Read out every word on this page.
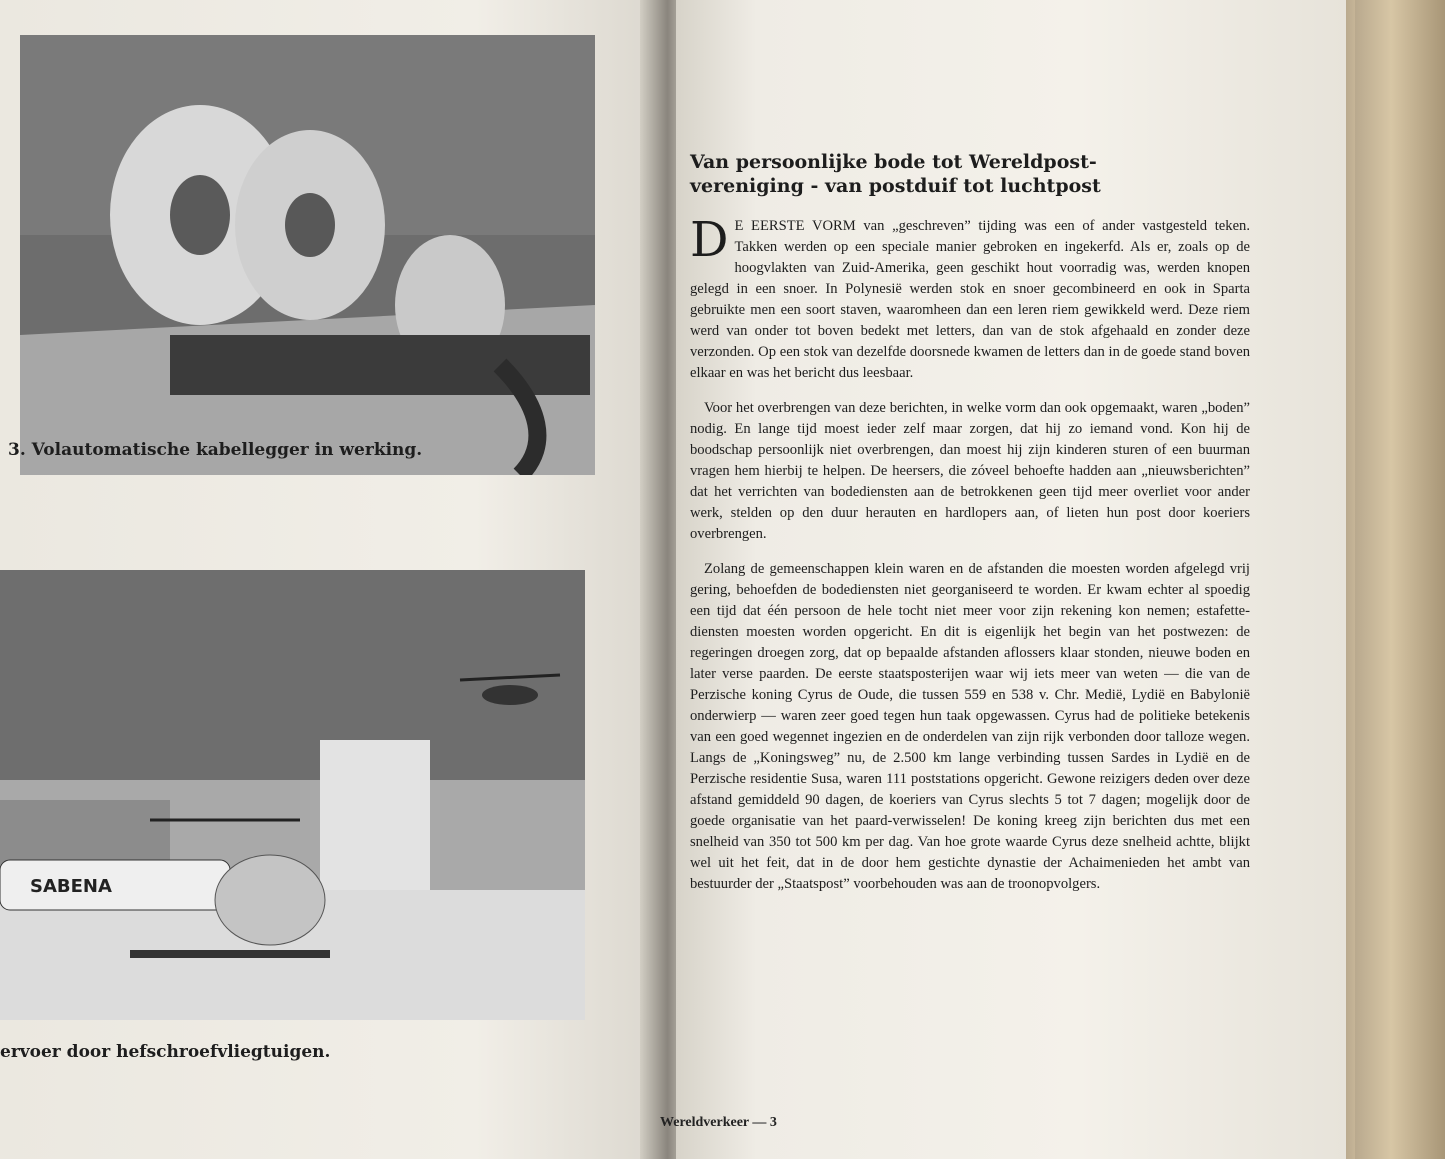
3. Volautomatische kabellegger in werking.
SABENA
ervoer door hefschroefvliegtuigen.
Van persoonlijke bode tot Wereldpost-
vereniging - van postduif tot luchtpost

D E EERSTE VORM van „geschreven” tijding was een of ander vastgesteld teken. Takken werden op een speciale manier gebroken en ingekerfd. Als er, zoals op de hoogvlakten van Zuid-Amerika, geen geschikt hout voorradig was, werden knopen gelegd in een snoer. In Polynesië werden stok en snoer gecombineerd en ook in Sparta gebruikte men een soort staven, waaromheen dan een leren riem gewikkeld werd. Deze riem werd van onder tot boven bedekt met letters, dan van de stok afgehaald en zonder deze verzonden. Op een stok van dezelfde doorsnede kwamen de letters dan in de goede stand boven elkaar en was het bericht dus leesbaar.

Voor het overbrengen van deze berichten, in welke vorm dan ook opgemaakt, waren „boden” nodig. En lange tijd moest ieder zelf maar zorgen, dat hij zo iemand vond. Kon hij de boodschap persoonlijk niet overbrengen, dan moest hij zijn kinderen sturen of een buurman vragen hem hierbij te helpen. De heersers, die zóveel behoefte hadden aan „nieuwsberichten” dat het verrichten van bodediensten aan de betrokkenen geen tijd meer overliet voor ander werk, stelden op den duur herauten en hardlopers aan, of lieten hun post door koeriers overbrengen.

Zolang de gemeenschappen klein waren en de afstanden die moesten worden afgelegd vrij gering, behoefden de bodediensten niet georganiseerd te worden. Er kwam echter al spoedig een tijd dat één persoon de hele tocht niet meer voor zijn rekening kon nemen; estafette-diensten moesten worden opgericht. En dit is eigenlijk het begin van het postwezen: de regeringen droegen zorg, dat op bepaalde afstanden aflossers klaar stonden, nieuwe boden en later verse paarden. De eerste staatsposterijen waar wij iets meer van weten — die van de Perzische koning Cyrus de Oude, die tussen 559 en 538 v. Chr. Medië, Lydië en Babylonië onderwierp — waren zeer goed tegen hun taak opgewassen. Cyrus had de politieke betekenis van een goed wegennet ingezien en de onderdelen van zijn rijk verbonden door talloze wegen. Langs de „Koningsweg” nu, de 2.500 km lange verbinding tussen Sardes in Lydië en de Perzische residentie Susa, waren 111 poststations opgericht. Gewone reizigers deden over deze afstand gemiddeld 90 dagen, de koeriers van Cyrus slechts 5 tot 7 dagen; mogelijk door de goede organisatie van het paard-verwisselen! De koning kreeg zijn berichten dus met een snelheid van 350 tot 500 km per dag. Van hoe grote waarde Cyrus deze snelheid achtte, blijkt wel uit het feit, dat in de door hem gestichte dynastie der Achaimenieden het ambt van bestuurder der „Staatspost” voorbehouden was aan de troonopvolgers.

Wereldverkeer — 3
